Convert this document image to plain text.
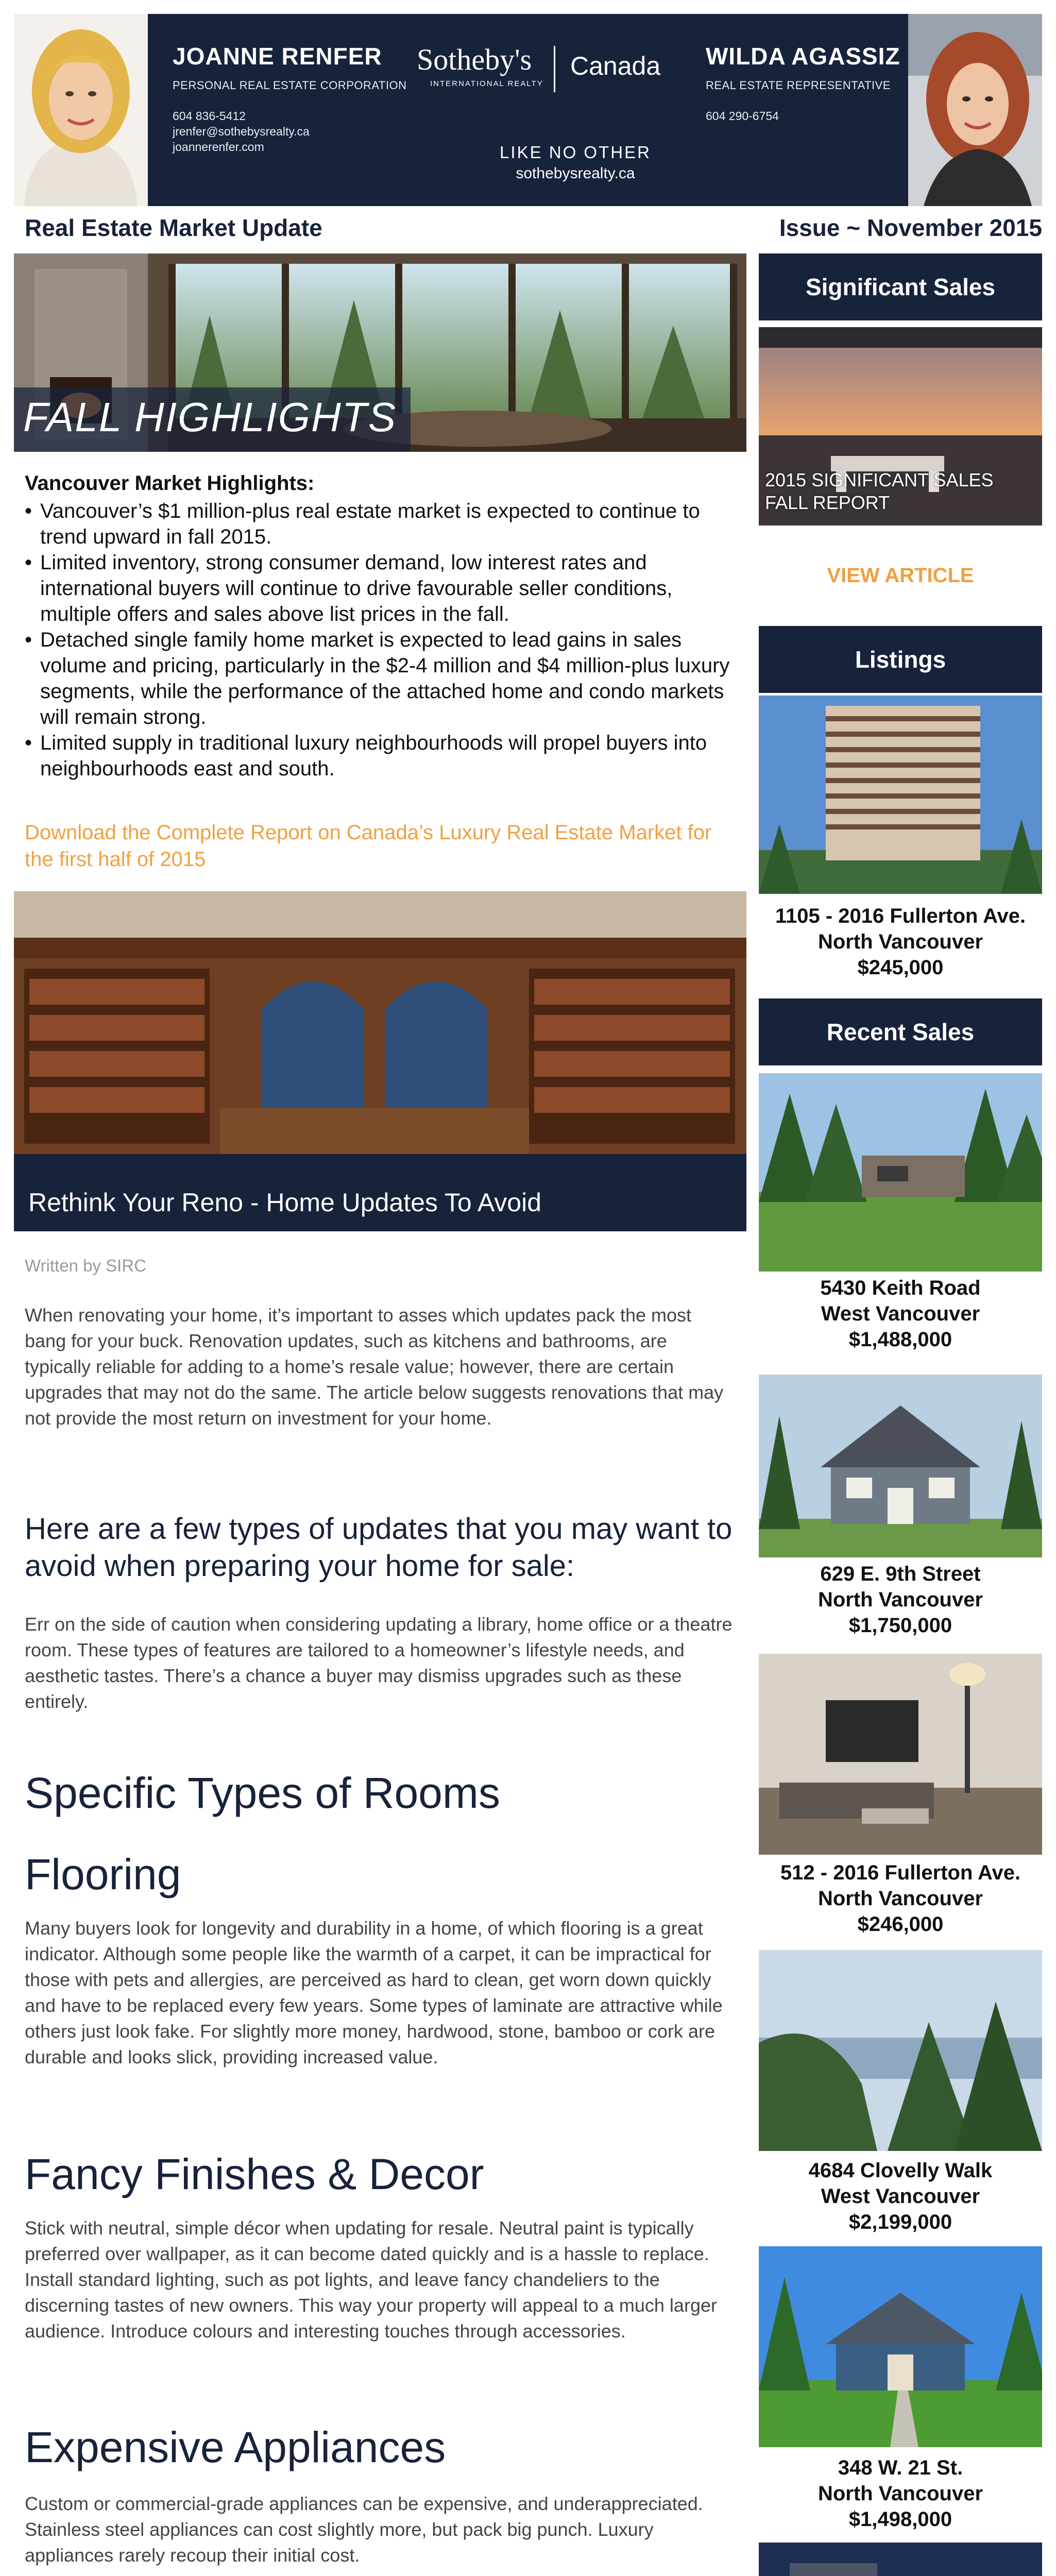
JOANNE RENFER
PERSONAL REAL ESTATE CORPORATION
604 836-5412
jrenfer@sothebysrealty.ca
joannerenfer.com
Sotheby's
INTERNATIONAL REALTY
Canada
LIKE NO OTHER
sothebysrealty.ca
WILDA AGASSIZ
REAL ESTATE REPRESENTATIVE
604 290-6754
Real Estate Market Update	Issue ~ November 2015
FALL HIGHLIGHTS
Vancouver Market Highlights:
• Vancouver’s $1 million-plus real estate market is expected to continue to trend upward in fall 2015.
• Limited inventory, strong consumer demand, low interest rates and international buyers will continue to drive favourable seller conditions, multiple offers and sales above list prices in the fall.
• Detached single family home market is expected to lead gains in sales volume and pricing, particularly in the $2-4 million and $4 million-plus luxury segments, while the performance of the attached home and condo markets will remain strong.
• Limited supply in traditional luxury neighbourhoods will propel buyers into neighbourhoods east and south.
Download the Complete Report on Canada’s Luxury Real Estate Market for the first half of 2015
Rethink Your Reno - Home Updates To Avoid
Written by SIRC
When renovating your home, it’s important to asses which updates pack the most bang for your buck. Renovation updates, such as kitchens and bathrooms, are typically reliable for adding to a home’s resale value; however, there are certain upgrades that may not do the same. The article below suggests renovations that may not provide the most return on investment for your home.
Here are a few types of updates that you may want to avoid when preparing your home for sale:
Err on the side of caution when considering updating a library, home office or a theatre room. These types of features are tailored to a homeowner’s lifestyle needs, and aesthetic tastes. There’s a chance a buyer may dismiss upgrades such as these entirely.
Specific Types of Rooms
Flooring
Many buyers look for longevity and durability in a home, of which flooring is a great indicator. Although some people like the warmth of a carpet, it can be impractical for those with pets and allergies, are perceived as hard to clean, get worn down quickly and have to be replaced every few years. Some types of laminate are attractive while others just look fake. For slightly more money, hardwood, stone, bamboo or cork are durable and looks slick, providing increased value.
Fancy Finishes & Decor
Stick with neutral, simple décor when updating for resale. Neutral paint is typically preferred over wallpaper, as it can become dated quickly and is a hassle to replace. Install standard lighting, such as pot lights, and leave fancy chandeliers to the discerning tastes of new owners. This way your property will appeal to a much larger audience. Introduce colours and interesting touches through accessories.
Expensive Appliances
Custom or commercial-grade appliances can be expensive, and underappreciated. Stainless steel appliances can cost slightly more, but pack big punch. Luxury appliances rarely recoup their initial cost.
Significant Sales
2015 SIGNIFICANT SALES FALL REPORT
VIEW ARTICLE
Listings
1105 - 2016 Fullerton Ave.
North Vancouver
$245,000
Recent Sales
5430 Keith Road
West Vancouver
$1,488,000
629 E. 9th Street
North Vancouver
$1,750,000
512 - 2016 Fullerton Ave.
North Vancouver
$246,000
4684 Clovelly Walk
West Vancouver
$2,199,000
348 W. 21 St.
North Vancouver
$1,498,000
